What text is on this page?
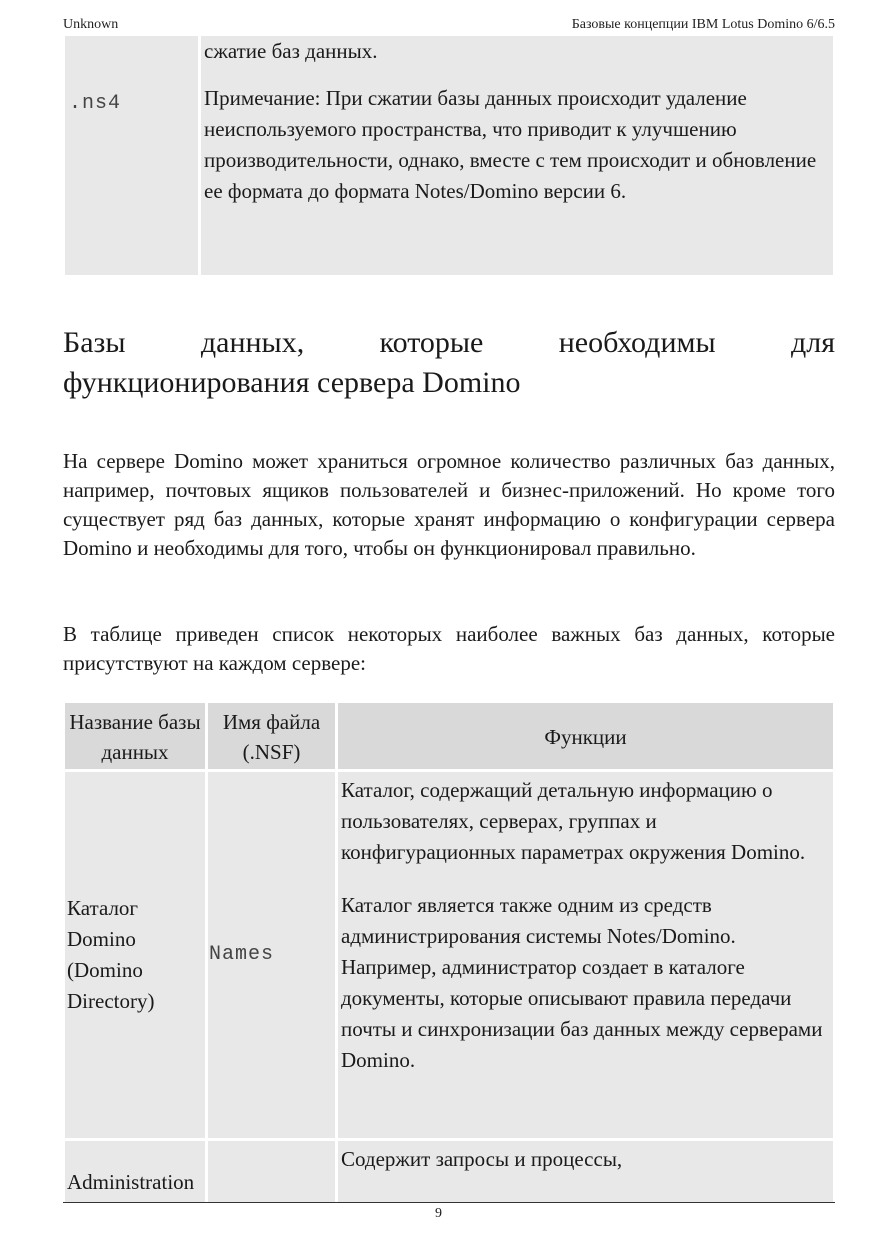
Unknown	Базовые концепции IBM Lotus Domino 6/6.5
.ns4

сжатие баз данных.

Примечание: При сжатии базы данных происходит удаление неиспользуемого пространства, что приводит к улучшению производительности, однако, вместе с тем происходит и обновление ее формата до формата Notes/Domino версии 6.

Базы данных, которые необходимы для
функционирования сервера Domino

На сервере Domino может храниться огромное количество различных баз данных, например, почтовых ящиков пользователей и бизнес-приложений. Но кроме того существует ряд баз данных, которые хранят информацию о конфигурации сервера Domino и необходимы для того, чтобы он функционировал правильно.

В таблице приведен список некоторых наиболее важных баз данных, которые присутствуют на каждом сервере:

Название базы данных
Имя файла (.NSF)
Функции
Каталог Domino (Domino Directory)
Names

Каталог, содержащий детальную информацию о пользователях, серверах, группах и конфигурационных параметрах окружения Domino.

Каталог является также одним из средств администрирования системы Notes/Domino. Например, администратор создает в каталоге документы, которые описывают правила передачи почты и синхронизации баз данных между серверами Domino.

Administration

Содержит запросы и процессы,

9
